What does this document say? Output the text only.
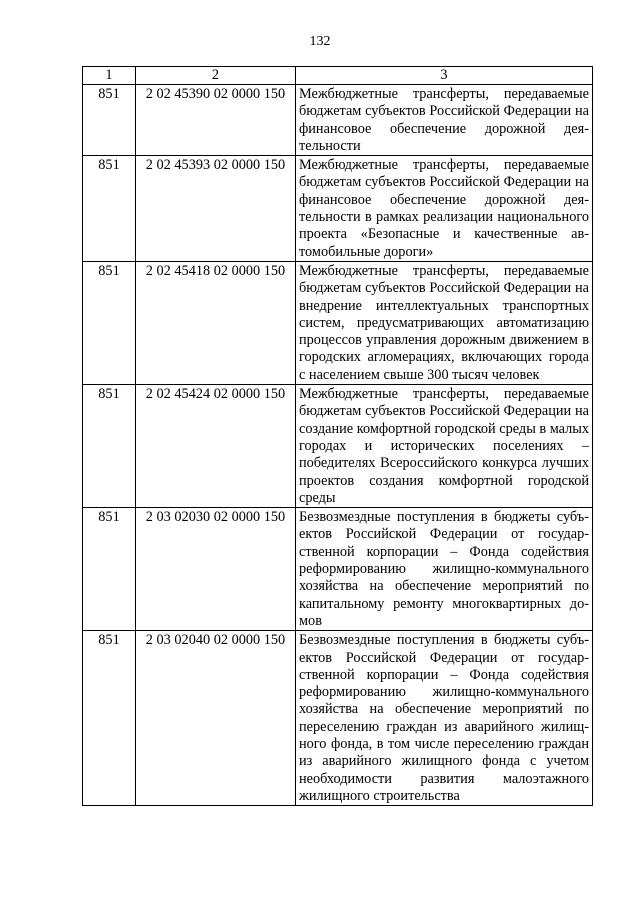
132
1	2	3
851	2 02 45390 02 0000 150	Межбюджетные трансферты, передаваемые бюджетам субъектов Российской Федерации на финансовое обеспечение дорожной деятельности
851	2 02 45393 02 0000 150	Межбюджетные трансферты, передаваемые бюджетам субъектов Российской Федерации на финансовое обеспечение дорожной деятельности в рамках реализации национального проекта «Безопасные и качественные автомобильные дороги»
851	2 02 45418 02 0000 150	Межбюджетные трансферты, передаваемые бюджетам субъектов Российской Федерации на внедрение интеллектуальных транспортных систем, предусматривающих автоматизацию процессов управления дорожным движением в городских агломерациях, включающих города с населением свыше 300 тысяч человек
851	2 02 45424 02 0000 150	Межбюджетные трансферты, передаваемые бюджетам субъектов Российской Федерации на создание комфортной городской среды в малых городах и исторических поселениях – победителях Всероссийского конкурса лучших проектов создания комфортной городской среды
851	2 03 02030 02 0000 150	Безвозмездные поступления в бюджеты субъектов Российской Федерации от государственной корпорации – Фонда содействия реформированию жилищно-коммунального хозяйства на обеспечение мероприятий по капитальному ремонту многоквартирных домов
851	2 03 02040 02 0000 150	Безвозмездные поступления в бюджеты субъектов Российской Федерации от государственной корпорации – Фонда содействия реформированию жилищно-коммунального хозяйства на обеспечение мероприятий по переселению граждан из аварийного жилищного фонда, в том числе переселению граждан из аварийного жилищного фонда с учетом необходимости развития малоэтажного жилищного строительства
